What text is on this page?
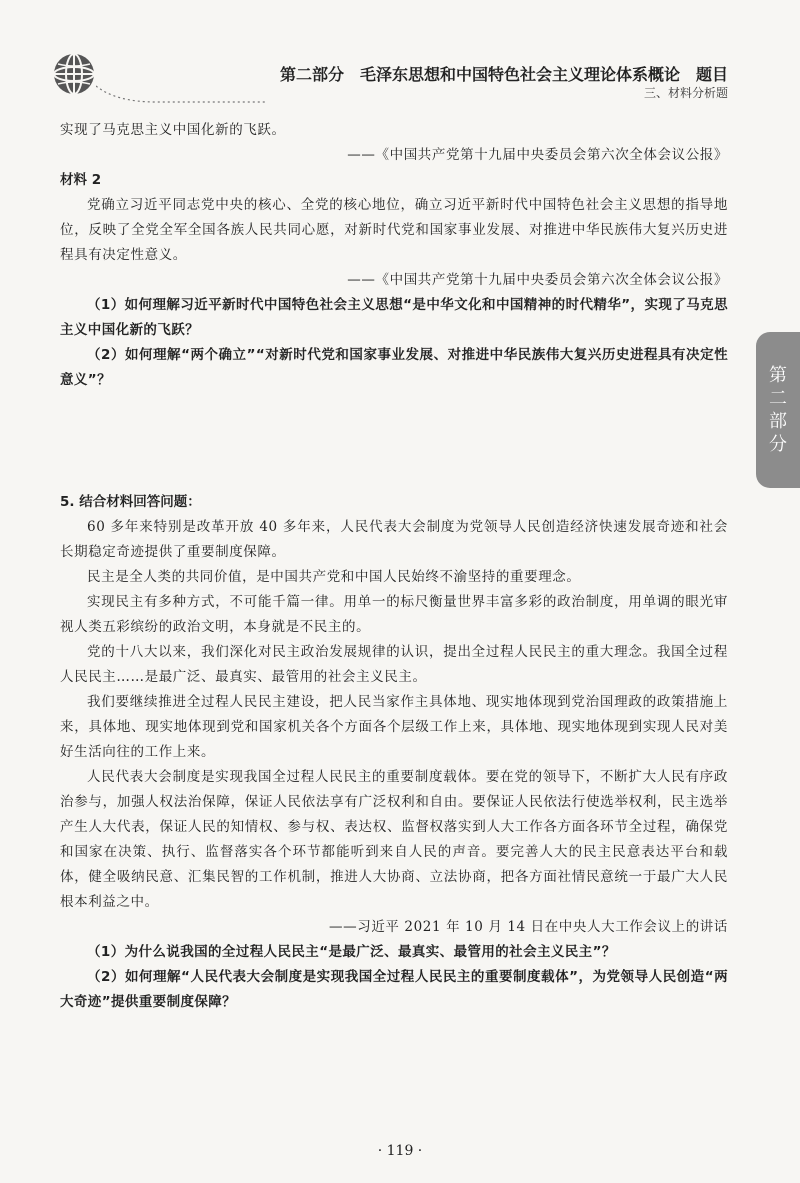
第二部分　毛泽东思想和中国特色社会主义理论体系概论　题目
三、材料分析题
第
二
部
分

实现了马克思主义中国化新的飞跃。

——《中国共产党第十九届中央委员会第六次全体会议公报》

材料 2

党确立习近平同志党中央的核心、全党的核心地位，确立习近平新时代中国特色社会主义思想的指导地位，反映了全党全军全国各族人民共同心愿，对新时代党和国家事业发展、对推进中华民族伟大复兴历史进程具有决定性意义。

——《中国共产党第十九届中央委员会第六次全体会议公报》

（1）如何理解习近平新时代中国特色社会主义思想“是中华文化和中国精神的时代精华”，实现了马克思主义中国化新的飞跃？

（2）如何理解“两个确立”“对新时代党和国家事业发展、对推进中华民族伟大复兴历史进程具有决定性意义”？

5. 结合材料回答问题：

60 多年来特别是改革开放 40 多年来，人民代表大会制度为党领导人民创造经济快速发展奇迹和社会长期稳定奇迹提供了重要制度保障。

民主是全人类的共同价值，是中国共产党和中国人民始终不渝坚持的重要理念。

实现民主有多种方式，不可能千篇一律。用单一的标尺衡量世界丰富多彩的政治制度，用单调的眼光审视人类五彩缤纷的政治文明，本身就是不民主的。

党的十八大以来，我们深化对民主政治发展规律的认识，提出全过程人民民主的重大理念。我国全过程人民民主……是最广泛、最真实、最管用的社会主义民主。

我们要继续推进全过程人民民主建设，把人民当家作主具体地、现实地体现到党治国理政的政策措施上来，具体地、现实地体现到党和国家机关各个方面各个层级工作上来，具体地、现实地体现到实现人民对美好生活向往的工作上来。

人民代表大会制度是实现我国全过程人民民主的重要制度载体。要在党的领导下，不断扩大人民有序政治参与，加强人权法治保障，保证人民依法享有广泛权利和自由。要保证人民依法行使选举权利，民主选举产生人大代表，保证人民的知情权、参与权、表达权、监督权落实到人大工作各方面各环节全过程，确保党和国家在决策、执行、监督落实各个环节都能听到来自人民的声音。要完善人大的民主民意表达平台和载体，健全吸纳民意、汇集民智的工作机制，推进人大协商、立法协商，把各方面社情民意统一于最广大人民根本利益之中。

——习近平 2021 年 10 月 14 日在中央人大工作会议上的讲话

（1）为什么说我国的全过程人民民主“是最广泛、最真实、最管用的社会主义民主”？

（2）如何理解“人民代表大会制度是实现我国全过程人民民主的重要制度载体”，为党领导人民创造“两大奇迹”提供重要制度保障？

· 119 ·
